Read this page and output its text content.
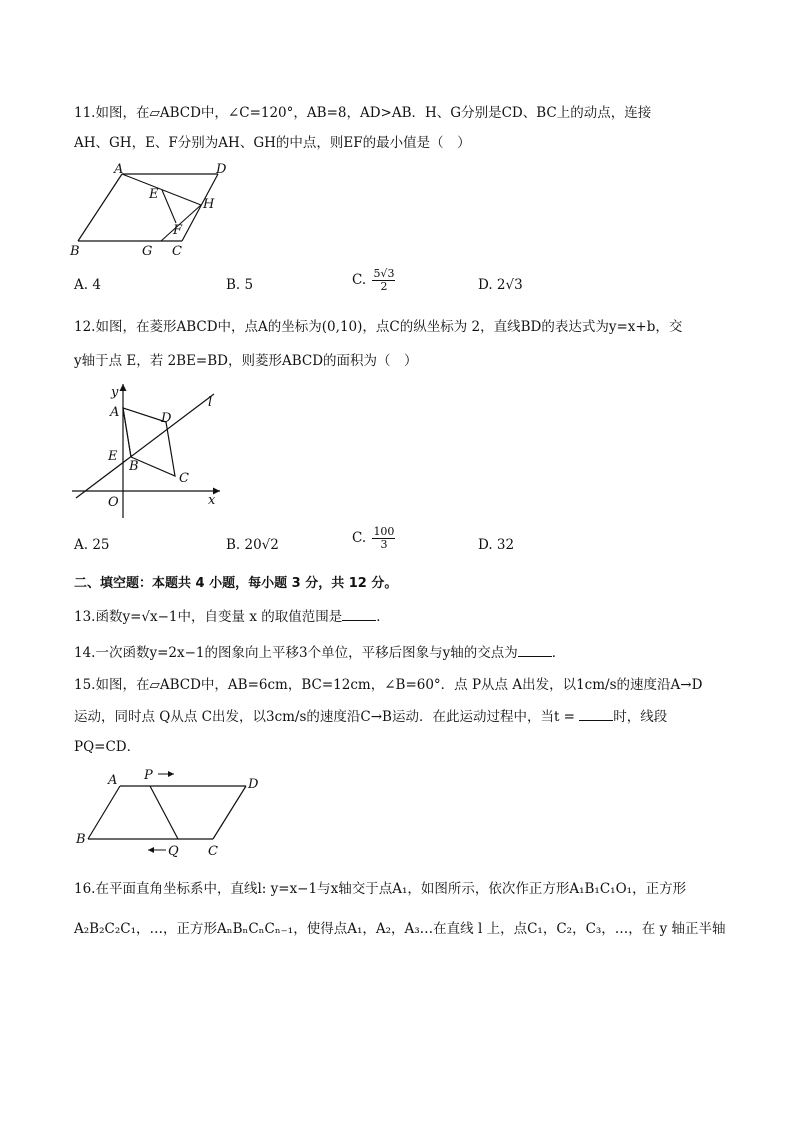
11.如图，在▱ABCD中，∠C=120°，AB=8，AD>AB．H、G分别是CD、BC上的动点，连接
AH、GH，E、F分别为AH、GH的中点，则EF的最小值是（　）
A	D
E
H
F
B	G C
A. 4	B. 5	C. $\frac{5√3}{2}$	D. 2√3
12.如图，在菱形ABCD中，点A的坐标为(0,10)，点C的纵坐标为 2，直线BD的表达式为y=x+b，交
y轴于点 E，若 2BE=BD，则菱形ABCD的面积为（　）
y
l
A	D
E
B
C
O	x
A. 25	B. 20√2	C. $\frac{100}{3}$	D. 32
二、填空题：本题共 4 小题，每小题 3 分，共 12 分。
13.函数y=√x−1中，自变量 x 的取值范围是	．
14.一次函数y=2x−1的图象向上平移3个单位，平移后图象与y轴的交点为	．
15.如图，在▱ABCD中，AB=6cm，BC=12cm，∠B=60°．点 P从点 A出发，以1cm/s的速度沿A→D
运动，同时点 Q从点 C出发，以3cm/s的速度沿C→B运动．在此运动过程中，当t =	时，线段
PQ=CD．
A P
D
B
Q C
16.在平面直角坐标系中，直线l: y=x−1与x轴交于点A₁，如图所示，依次作正方形A₁B₁C₁O₁，正方形
A₂B₂C₂C₁，…，正方形AₙBₙCₙCₙ₋₁，使得点A₁，A₂，A₃…在直线 l 上，点C₁，C₂，C₃，…，在 y 轴正半轴
